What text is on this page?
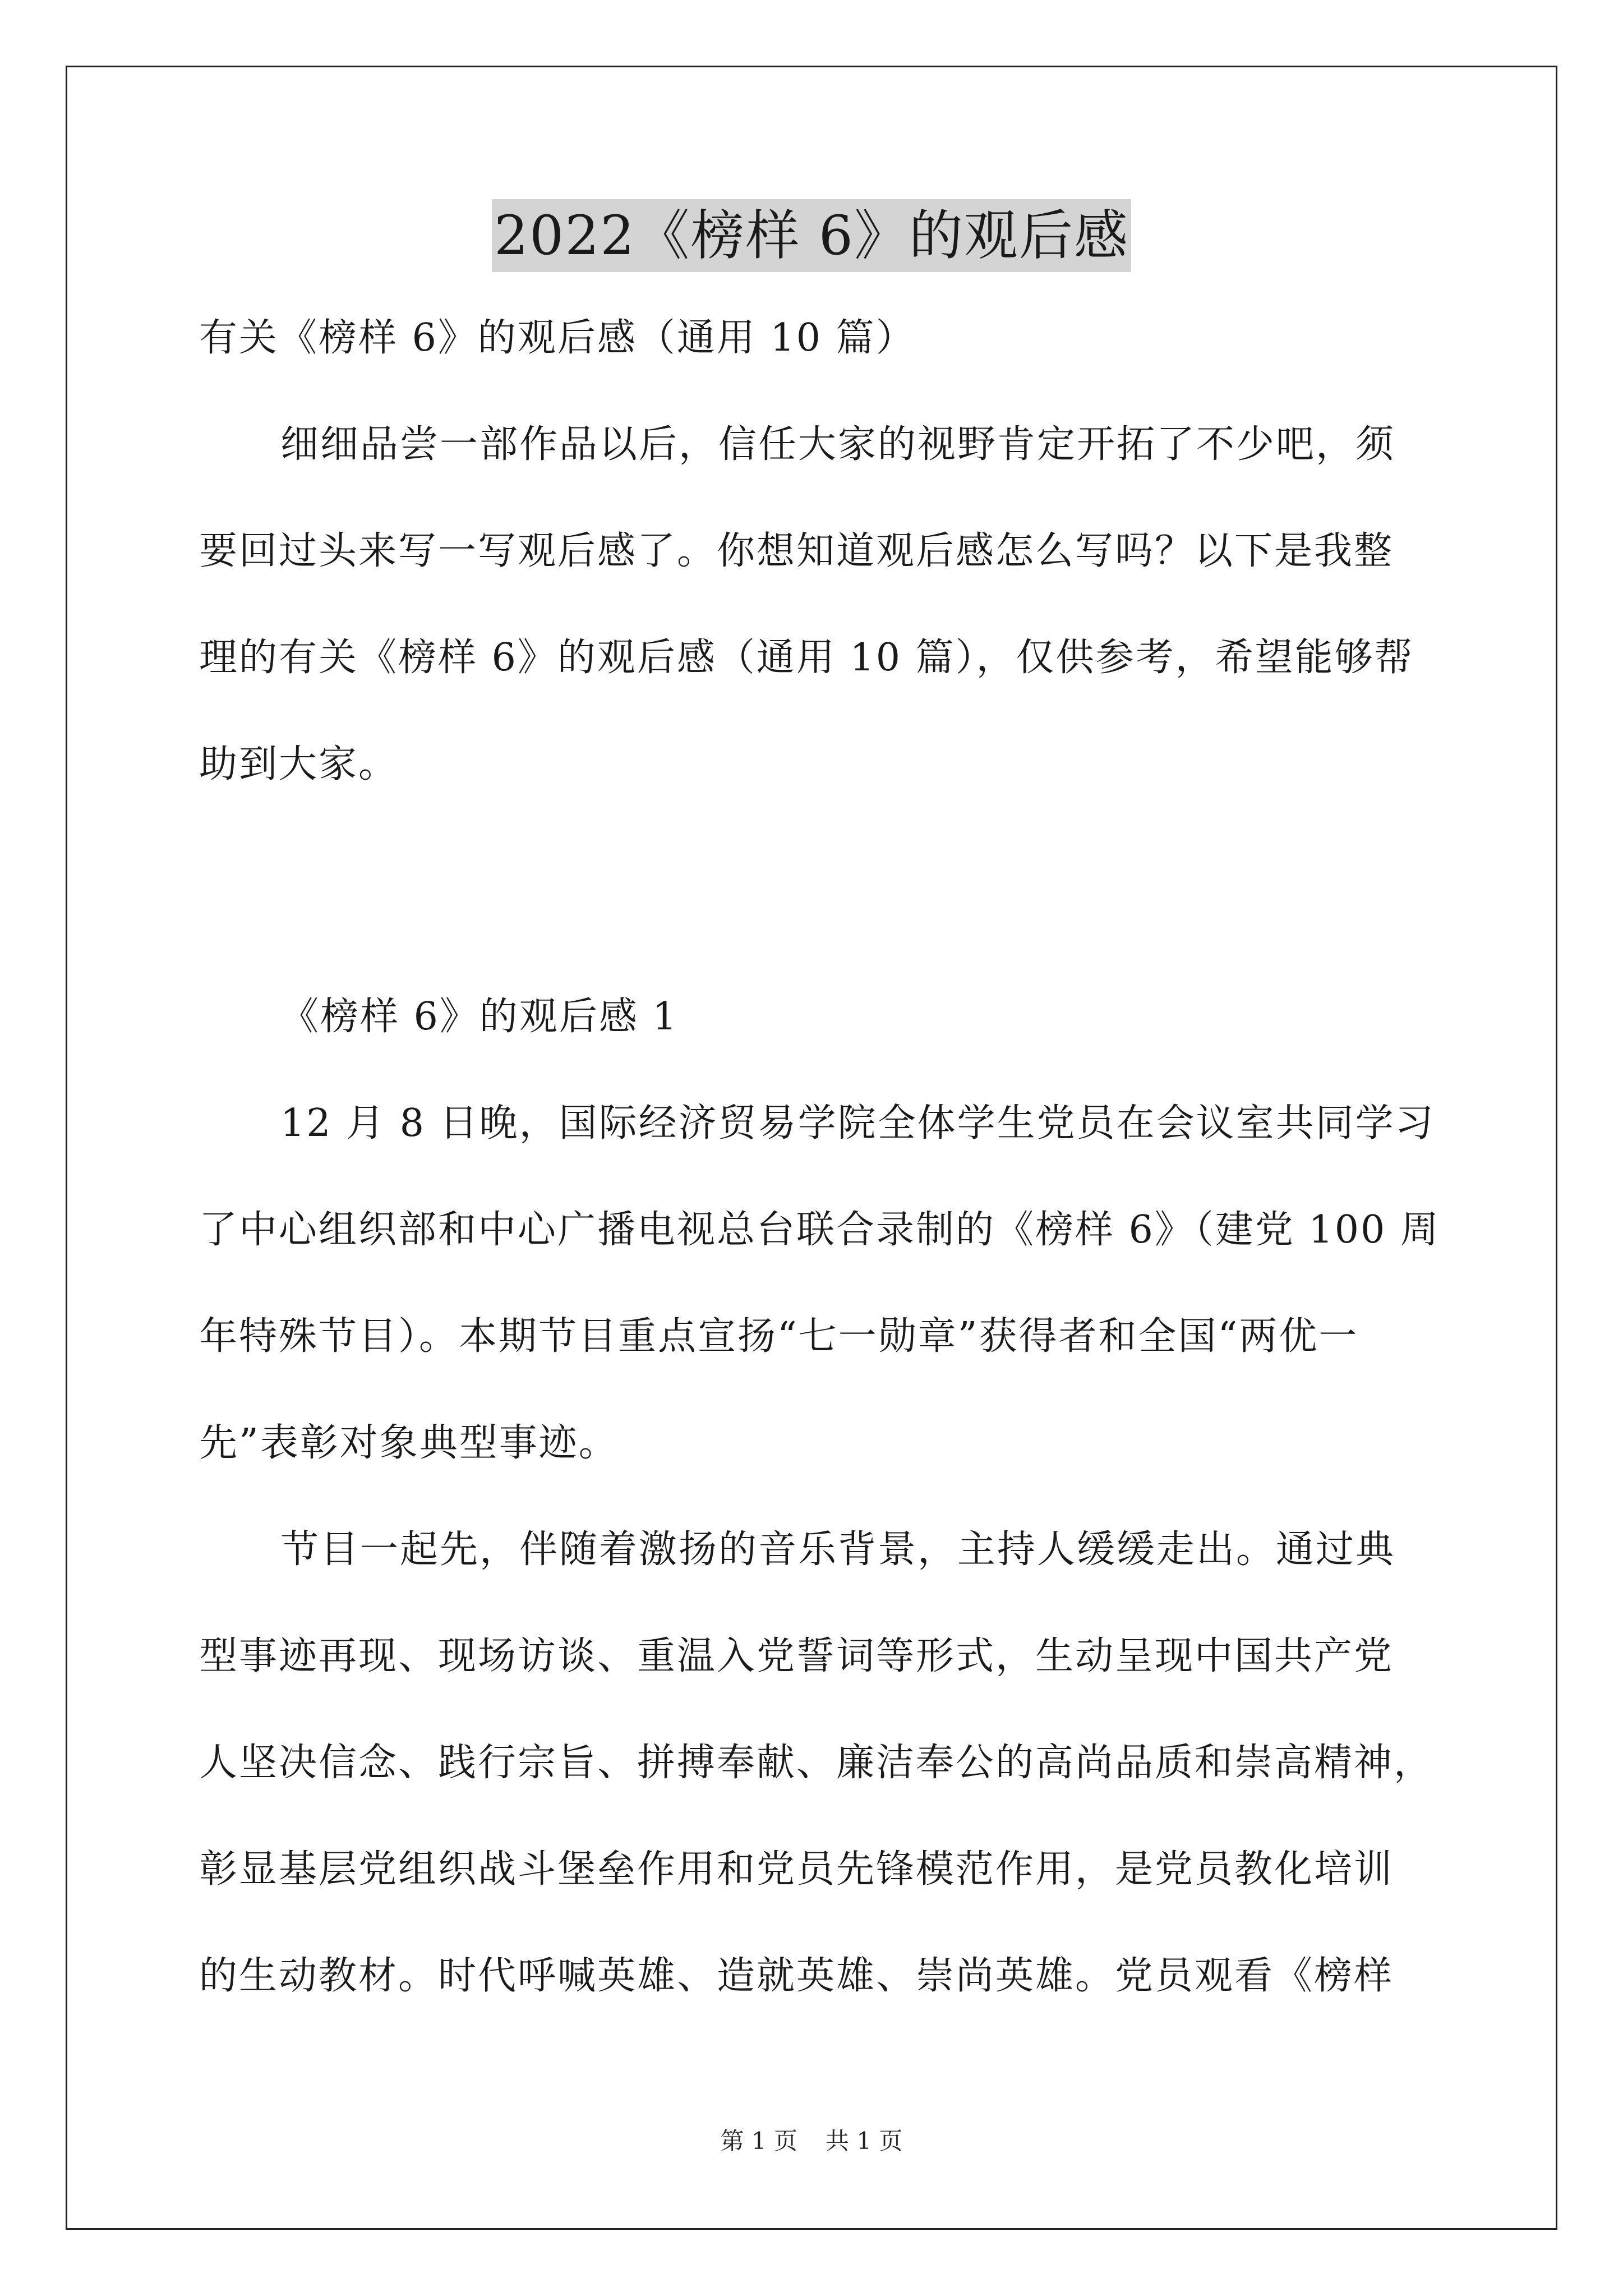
2022《榜样 6》的观后感
有关《榜样 6》的观后感（通用 10 篇）
细细品尝一部作品以后，信任大家的视野肯定开拓了不少吧，须
要回过头来写一写观后感了。你想知道观后感怎么写吗？以下是我整
理的有关《榜样 6》的观后感（通用 10 篇），仅供参考，希望能够帮
助到大家。
《榜样 6》的观后感 1
12 月 8 日晚，国际经济贸易学院全体学生党员在会议室共同学习
了中心组织部和中心广播电视总台联合录制的《榜样 6》（建党 100 周
年特殊节目）。本期节目重点宣扬“七一勋章”获得者和全国“两优一
先”表彰对象典型事迹。
节目一起先，伴随着激扬的音乐背景，主持人缓缓走出。通过典
型事迹再现、现场访谈、重温入党誓词等形式，生动呈现中国共产党
人坚决信念、践行宗旨、拼搏奉献、廉洁奉公的高尚品质和崇高精神，
彰显基层党组织战斗堡垒作用和党员先锋模范作用，是党员教化培训
的生动教材。时代呼喊英雄、造就英雄、崇尚英雄。党员观看《榜样
第 1 页 共 1 页
